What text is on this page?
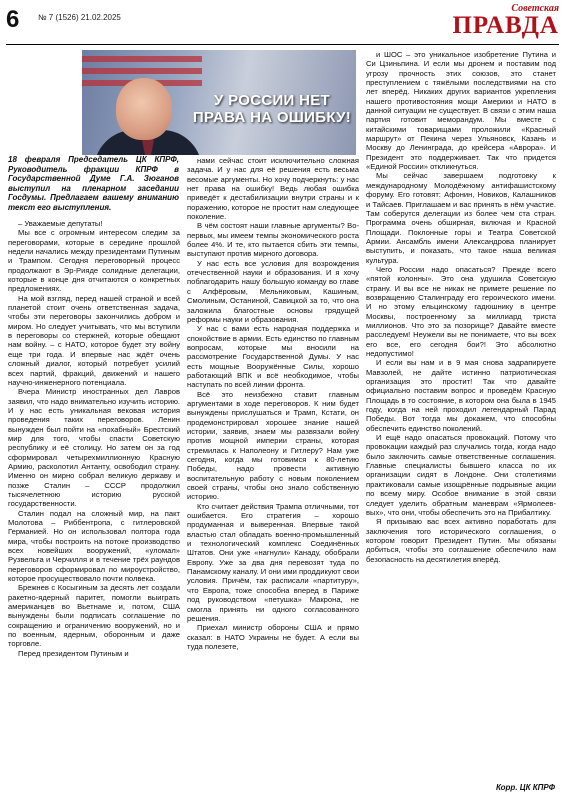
6 № 7 (1526) 21.02.2025
Советская
ПРАВДА
У РОССИИ НЕТ ПРАВА НА ОШИБКУ!
18 февраля Председатель ЦК КПРФ, Руководитель фракции КПРФ в Государственной Думе Г.А. Зюганов выступил на пленарном заседании Госдумы. Предлагаем вашему вниманию текст его выступления.

– Уважаемые депутаты!

Мы все с огромным интересом следим за переговорами, которые в середине прошлой недели начались между президентами Путиным и Трампом. Сегодня переговорный процесс продолжают в Эр-Рияде солидные делегации, которые в конце дня отчитаются о конкретных предложениях.

На мой взгляд, перед нашей страной и всей планетой стоит очень ответственная задача, чтобы эти переговоры закончились добром и миром. Но следует учитывать, что мы вступили в переговоры со стержней, которые обещают нам войну. – с НАТО, которое будет эту войну еще три года. И впервые нас ждёт очень сложный диалог, который потребует усилий всех партий, фракций, движений и нашего научно-инженерного потенциала.

Вчера Министр иностранных дел Лавров заявил, что надо внимательно изучить историю. И у нас есть уникальная вековая история проведения таких переговоров. Ленин вынужден был пойти на «похабный» Брестский мир для того, чтобы спасти Советскую республику и её столицу. Но затем он за год сформировал четырехмиллионную Красную Армию, расколотил Антанту, освободил страну. Именно он мирно собрал великую державу и позже Сталин – СССР продолжил тысячелетнюю историю русской государственности.

Сталин подал на сложный мир, на пакт Молотова – Риббентропа, с гитлеровской Германией. Но он использовал полтора года мира, чтобы построить на потоке производство всех новейших вооружений, «уломал» Рузвельта и Черчилля и в течение трёх раундов переговоров сформировал по мироустройство, которое просуществовало почти полвека.

Брежнев с Косыгиным за десять лет создали ракетно-ядерный паритет, помогли выиграть американцев во Вьетнаме и, потом, США вынуждены были подписать соглашение по сокращению и ограничению вооружений, но и по военным, ядерным, оборонным и даже торговле.

Перед президентом Путиным и

нами сейчас стоит исключительно сложная задача. И у нас для её решения есть весьма весомые аргументы. Но хочу подчеркнуть: у нас нет права на ошибку! Ведь любая ошибка приведёт к дестабилизации внутри страны и к поражению, которое не простит нам следующее поколение.

В чём состоят наши главные аргументы? Во-первых, мы имеем темпы экономического роста более 4%. И те, кто пытается сбить эти темпы, выступают против мирного договора.

У нас есть все условия для возрождения отечественной науки и образования. И я хочу поблагодарить нашу большую команду во главе с Алфёровым, Мельниковым, Кашиным, Смолиным, Останиной, Савицкой за то, что она заложила благостные основы грядущей реформы науки и образования.

У нас с вами есть народная поддержка и спокойствие в армии. Есть единство по главным вопросам, которые мы вносили на рассмотрение Государственной Думы. У нас есть мощные Вооружённые Силы, хорошо работающий ВПК и всё необходимое, чтобы наступать по всей линии фронта.

Всё это неизбежно ставит главным аргументами в ходе переговоров. К ним будет вынуждены прислушаться и Трамп, Кстати, он продемонстрировал хорошее знание нашей истории, заявив, знаем мы развязали войну против мощной империи страны, которая стремилась к Наполеону и Гитлеру? Нам уже сегодня, когда мы готовимся к 80-летию Победы, надо провести активную воспитательную работу с новым поколением своей страны, чтобы оно знало собственную историю.

Кто считает действия Трампа отличными, тот ошибается. Его стратегия – хорошо продуманная и выверенная. Впервые такой властью стал обладать военно-промышленный и технологический комплекс Соединённых Штатов. Они уже «нагнули» Канаду, обобрали Европу. Уже за два дня перевозят туда по Панамскому каналу. И они ими проддикуют свои условия. Причём, так расписали «партитуру», что Европа, тоже способна вперед в Париже под руководством «петушка» Макрона, не смогла принять ни одного согласованного решения.

Приехал министр обороны США и прямо сказал: в НАТО Украины не будет. А если вы туда полезете,

и ШОС – это уникальное изобретение Путина и Си Цзиньпина. И если мы дронем и поставим под угрозу прочность этих союзов, это станет преступлением с тяжёлыми последствиями на сто лет вперёд. Никаких других вариантов укрепления нашего противостояния мощи Америки и НАТО в данной ситуации не существует. В связи с этим наша партия готовит меморандум. Мы вместе с китайскими товарищами проложили «Красный маршрут» от Пекина через Ульяновск, Казань и Москву до Ленинграда, до крейсера «Аврора». И Президент это поддерживает. Так что придется «Единой России» откликнуться.

Мы сейчас завершаем подготовку к международному Молодёжному антифашистскому форуму. Его готовят: Афонин, Новиков, Калашников и Тайсаев. Приглашаем и вас принять в нём участие. Там соберутся делегации из более чем ста стран. Программа очень обширная, включая и Красной Площади. Поклонные горы и Театра Советской Армии. Ансамбль имени Александрова планирует выступить, и показать, что такое наша великая культура.

Чего России надо опасаться? Прежде всего «пятой колонны». Это она удушила Советскую страну. И вы все не никак не примете решение по возвращению Сталинграду его героического имени. И но этому ельцинскому гадюшнику в центре Москвы, построенному за миллиард триста миллионов. Что это за позорище? Давайте вместе расследуем! Неужели вы не понимаете, что вы всех его все, его сегодня бои?! Это абсолютно недопустимо!

И если вы нам и в 9 мая снова задрапируете Мавзолей, не дайте истинно патриотическая организация это простит! Так что давайте официально поставим вопрос и проведём Красную Площадь в то состояние, в котором она была в 1945 году, когда на ней проходил легендарный Парад Победы. Вот тогда мы докажем, что способны обеспечить единство поколений.

И ещё надо опасаться провокаций. Потому что провокации каждый раз случались тогда, когда надо было заключить самые ответственные соглашения. Главные специалисты бывшего класса по их организации сидят в Лондоне. Они столетиями практиковали самые изощрённые подрывные акции по всему миру. Особое внимание в этой связи следует уделить обратным маневрам «Ярмолеев-вых», что они, чтобы обеспечить это на Прибалтику.

Я призываю вас всех активно поработать для заключения того исторического соглашения, о котором говорит Президент Путин. Мы обязаны добиться, чтобы это соглашение обеспечило нам безопасность на десятилетия вперёд.

Корр. ЦК КПРФ
